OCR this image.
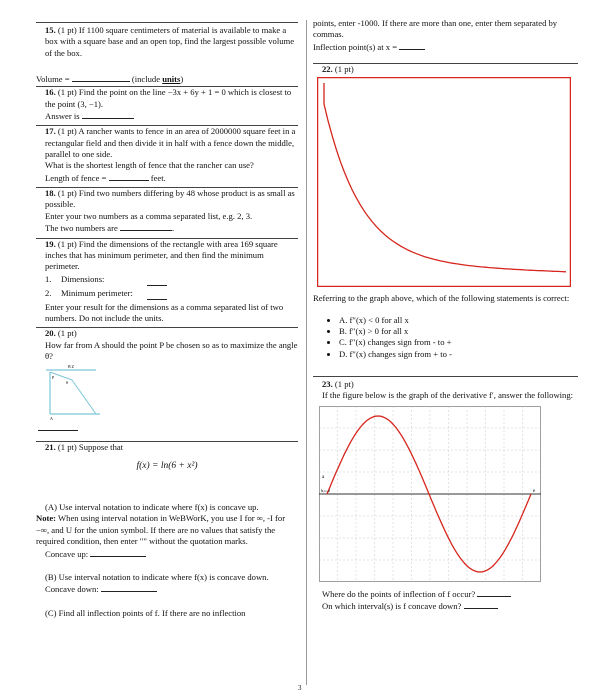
15. (1 pt) If 1100 square centimeters of material is available to make a box with a square base and an open top, find the largest possible volume of the box.

Volume =	(include units)

16. (1 pt) Find the point on the line −3x + 6y + 1 = 0 which is closest to the point (3, −1).

Answer is

17. (1 pt) A rancher wants to fence in an area of 2000000 square feet in a rectangular field and then divide it in half with a fence down the middle, parallel to one side.

What is the shortest length of fence that the rancher can use?

Length of fence =	feet.

18. (1 pt) Find two numbers differing by 48 whose product is as small as possible.

Enter your two numbers as a comma separated list, e.g. 2, 3.

The two numbers are	.

19. (1 pt) Find the dimensions of the rectangle with area 169 square inches that has minimum perimeter, and then find the minimum perimeter.

1.	Dimensions:
2.	Minimum perimeter:

Enter your result for the dimensions as a comma separated list of two numbers. Do not include the units.

20. (1 pt)

How far from A should the point P be chosen so as to maximize the angle θ?

B Z
P
θ
A

21. (1 pt) Suppose that

f(x) = ln(6 + x²)

(A) Use interval notation to indicate where f(x) is concave up.

Note: When using interval notation in WeBWorK, you use I for ∞, -I for −∞, and U for the union symbol. If there are no values that satisfy the required condition, then enter "" without the quotation marks.

Concave up:

(B) Use interval notation to indicate where f(x) is concave down.

Concave down:

(C) Find all inflection points of f. If there are no inflection

points, enter -1000. If there are more than one, enter them separated by commas.

Inflection point(s) at x =

22. (1 pt)

Referring to the graph above, which of the following statements is correct:

• A. f″(x) < 0 for all x
• B. f″(x) > 0 for all x
• C. f″(x) changes sign from - to +
• D. f″(x) changes sign from + to -

23. (1 pt)

If the figure below is the graph of the derivative f′, answer the following:

a
b,c,d	e

Where do the points of inflection of f occur?

On which interval(s) is f concave down?

3
